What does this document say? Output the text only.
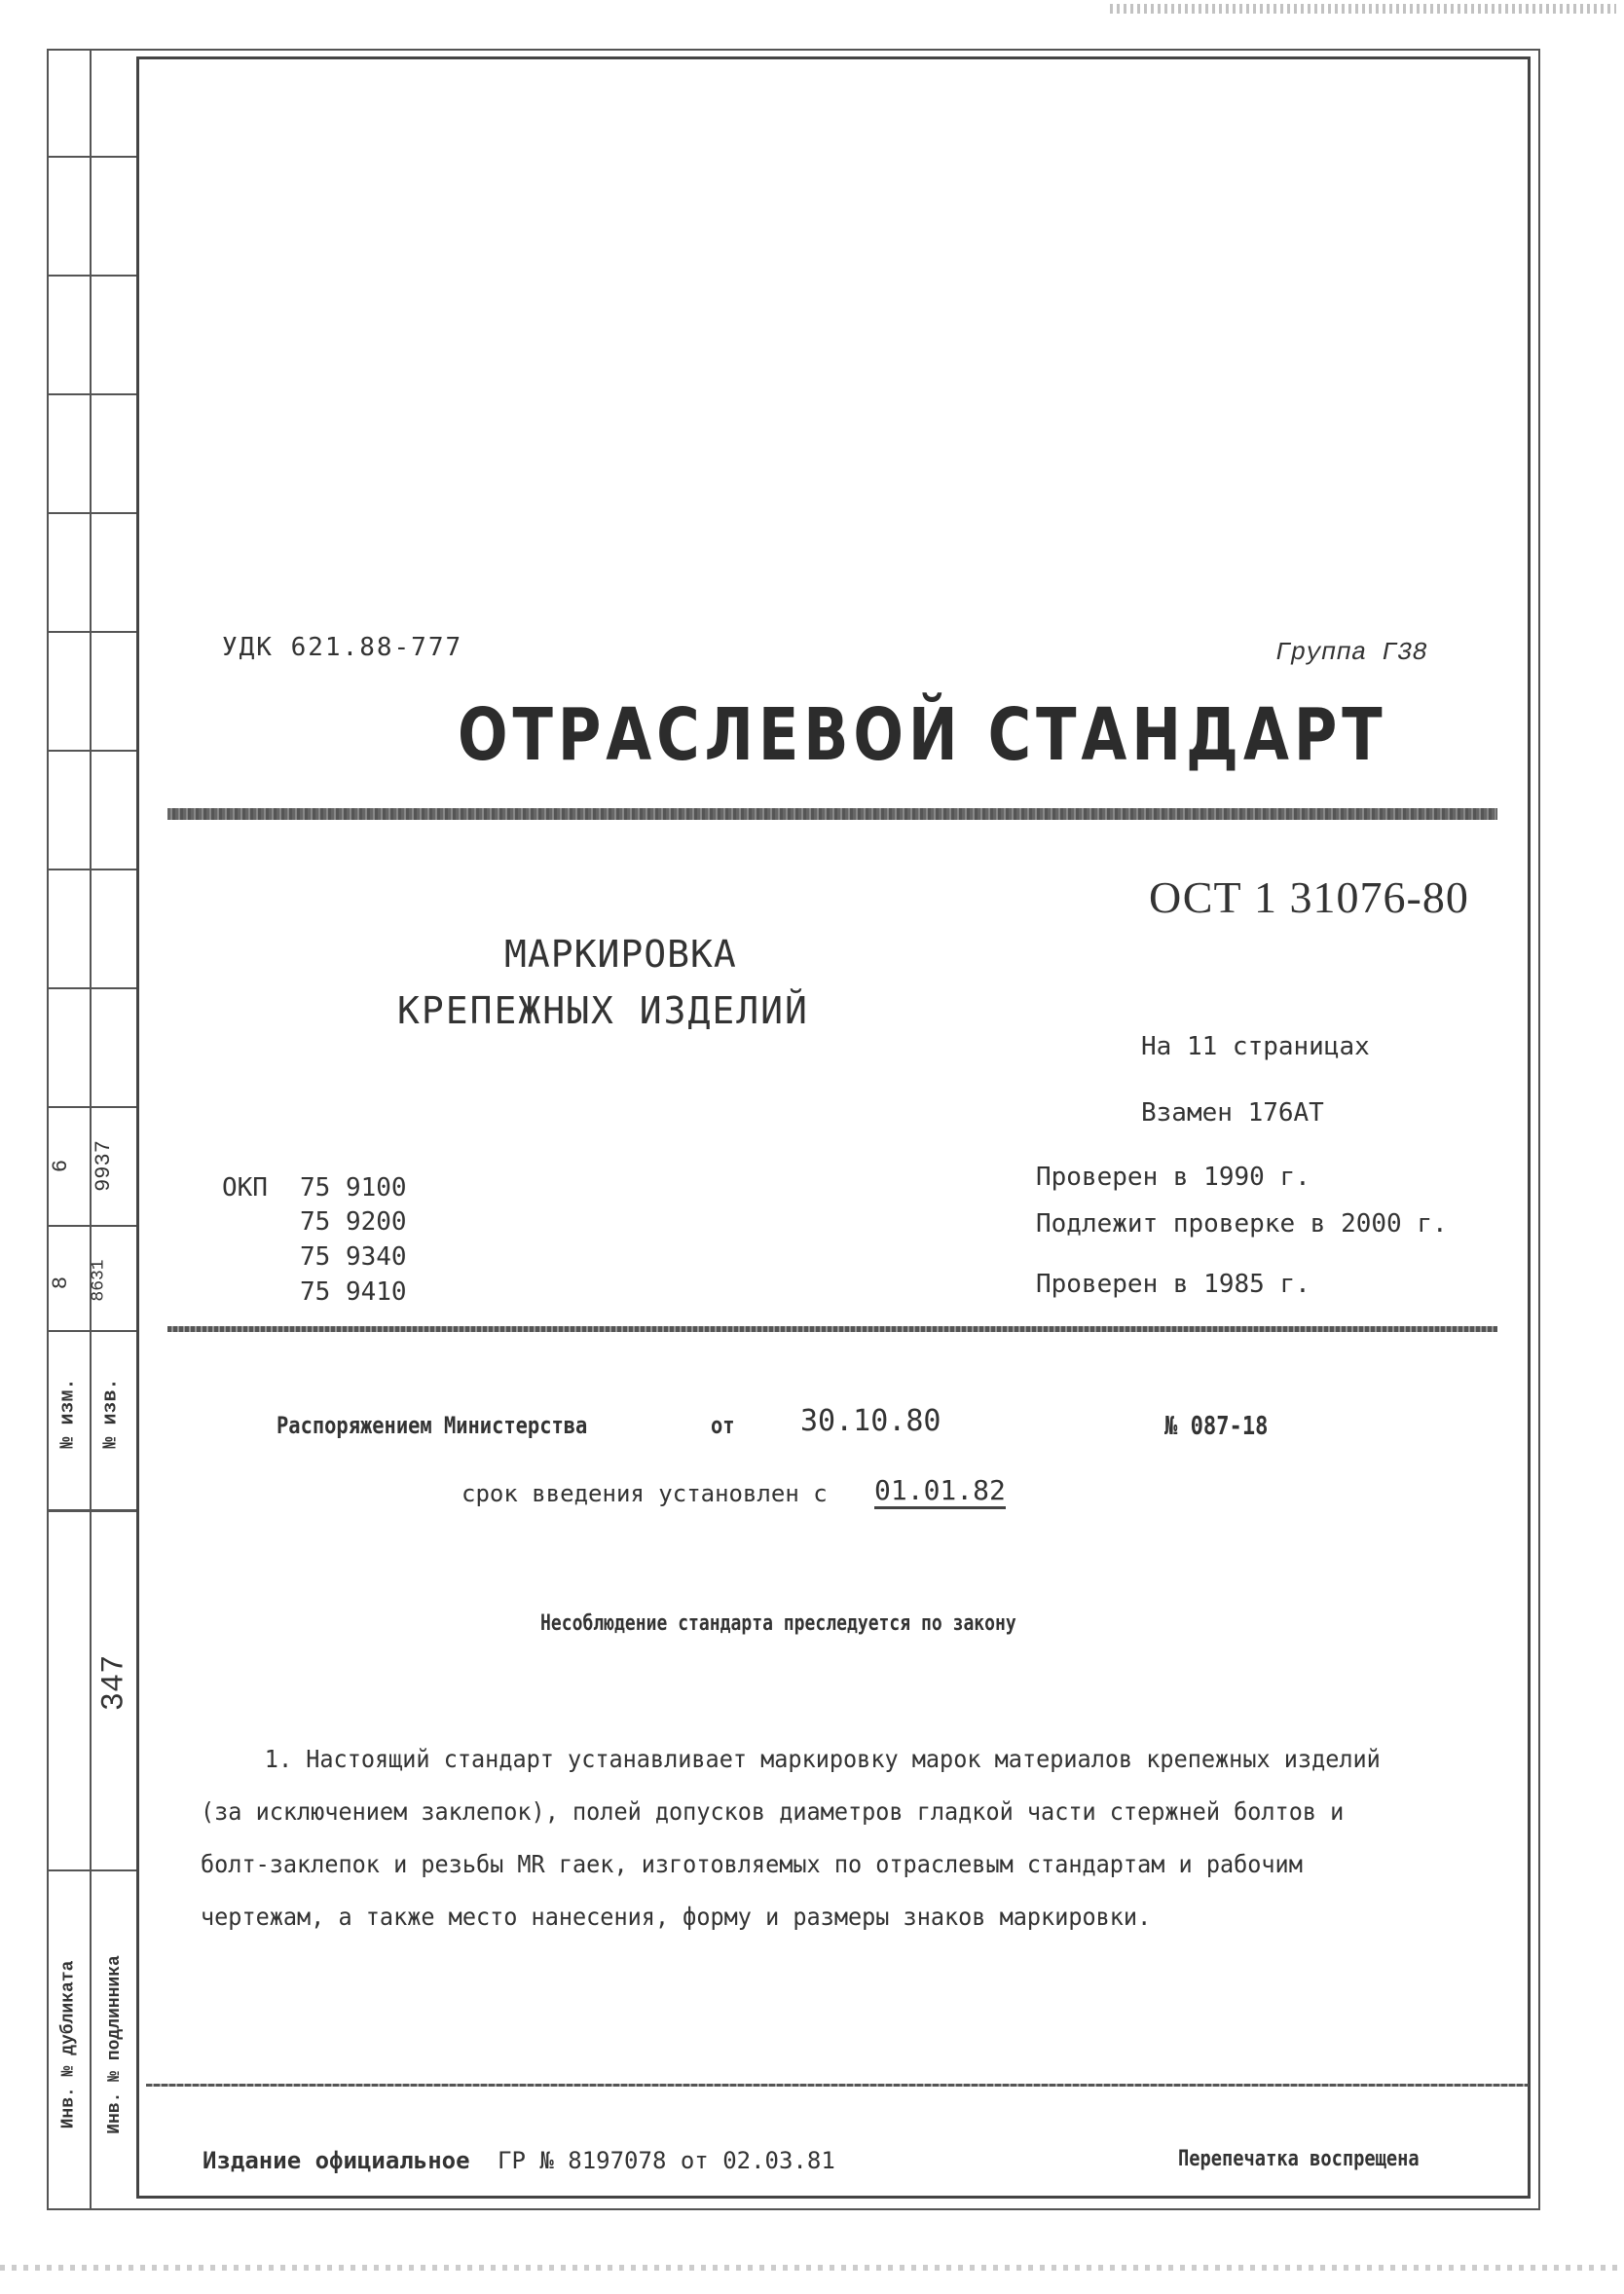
6 9937
8 8631
№ изм. № изв.
347
Инв. № дубликата Инв. № подлинника
УДК 621.88-777	Группа Г38
ОТРАСЛЕВОЙ СТАНДАРТ
ОСТ 1 31076-80
МАРКИРОВКА
КРЕПЕЖНЫХ ИЗДЕЛИЙ
На 11 страницах
Взамен 176АТ
Проверен в 1990 г.
Подлежит проверке в 2000 г.
Проверен в 1985 г.
ОКП 75 9100
75 9200
75 9340
75 9410
Распоряжением Министерства	от 30.10.80	№ 087-18
срок введения установлен с 01.01.82
Несоблюдение стандарта преследуется по закону
1. Настоящий стандарт устанавливает маркировку марок материалов крепежных изделий (за исключением заклепок), полей допусков диаметров гладкой части стержней болтов и болт-заклепок и резьбы MR гаек, изготовляемых по отраслевым стандартам и рабочим чертежам, а также место нанесения, форму и размеры знаков маркировки.
Издание официальное ГР № 8197078 от 02.03.81	Перепечатка воспрещена
